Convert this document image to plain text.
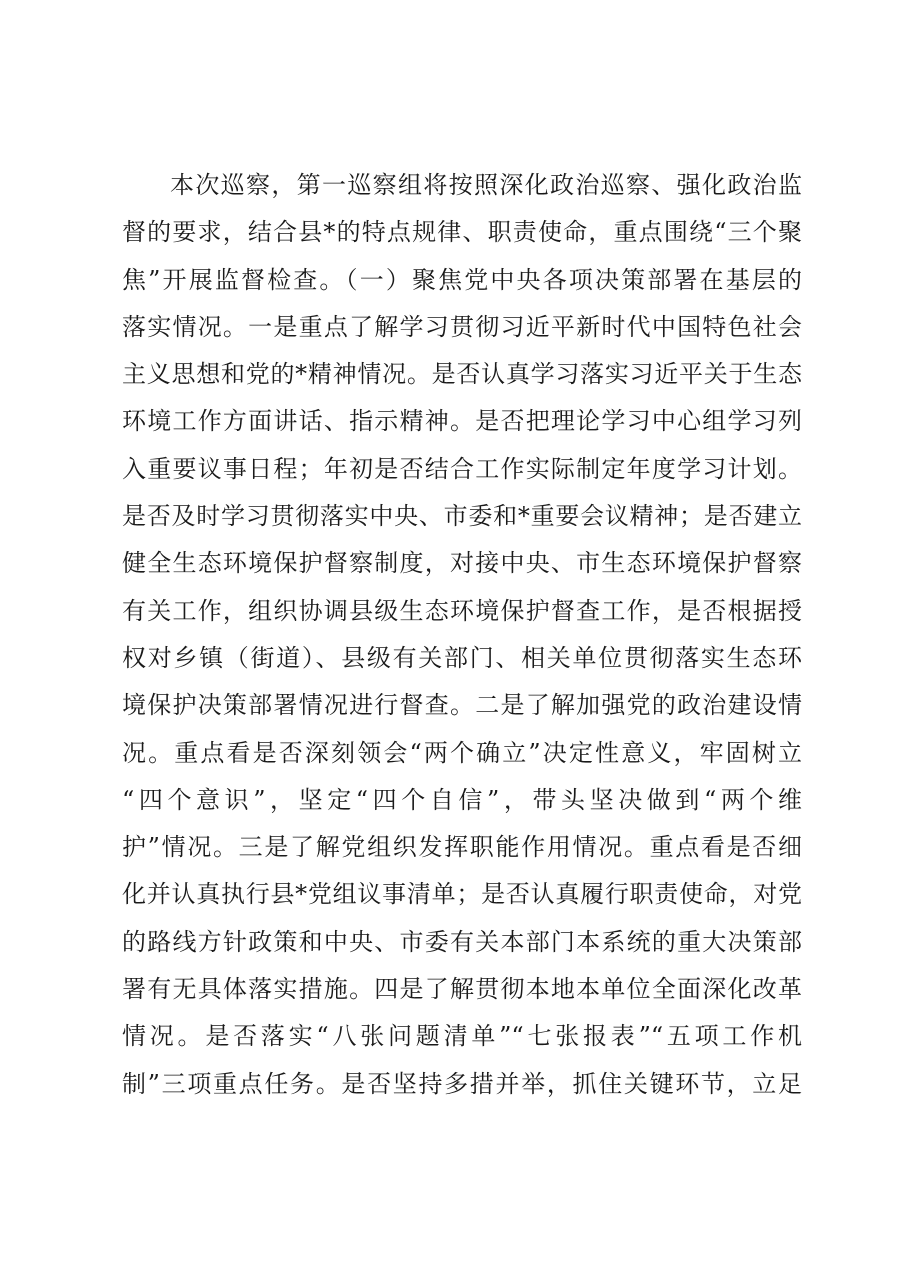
本次巡察，第一巡察组将按照深化政治巡察、强化政治监
督的要求，结合县*的特点规律、职责使命，重点围绕“三个聚
焦”开展监督检查。（一）聚焦党中央各项决策部署在基层的
落实情况。一是重点了解学习贯彻习近平新时代中国特色社会
主义思想和党的*精神情况。是否认真学习落实习近平关于生态
环境工作方面讲话、指示精神。是否把理论学习中心组学习列
入重要议事日程；年初是否结合工作实际制定年度学习计划。
是否及时学习贯彻落实中央、市委和*重要会议精神；是否建立
健全生态环境保护督察制度，对接中央、市生态环境保护督察
有关工作，组织协调县级生态环境保护督查工作，是否根据授
权对乡镇（街道）、县级有关部门、相关单位贯彻落实生态环
境保护决策部署情况进行督查。二是了解加强党的政治建设情
况。重点看是否深刻领会“两个确立”决定性意义，牢固树立
“四个意识”，坚定“四个自信”，带头坚决做到“两个维
护”情况。三是了解党组织发挥职能作用情况。重点看是否细
化并认真执行县*党组议事清单；是否认真履行职责使命，对党
的路线方针政策和中央、市委有关本部门本系统的重大决策部
署有无具体落实措施。四是了解贯彻本地本单位全面深化改革
情况。是否落实“八张问题清单”“七张报表”“五项工作机
制”三项重点任务。是否坚持多措并举，抓住关键环节，立足
